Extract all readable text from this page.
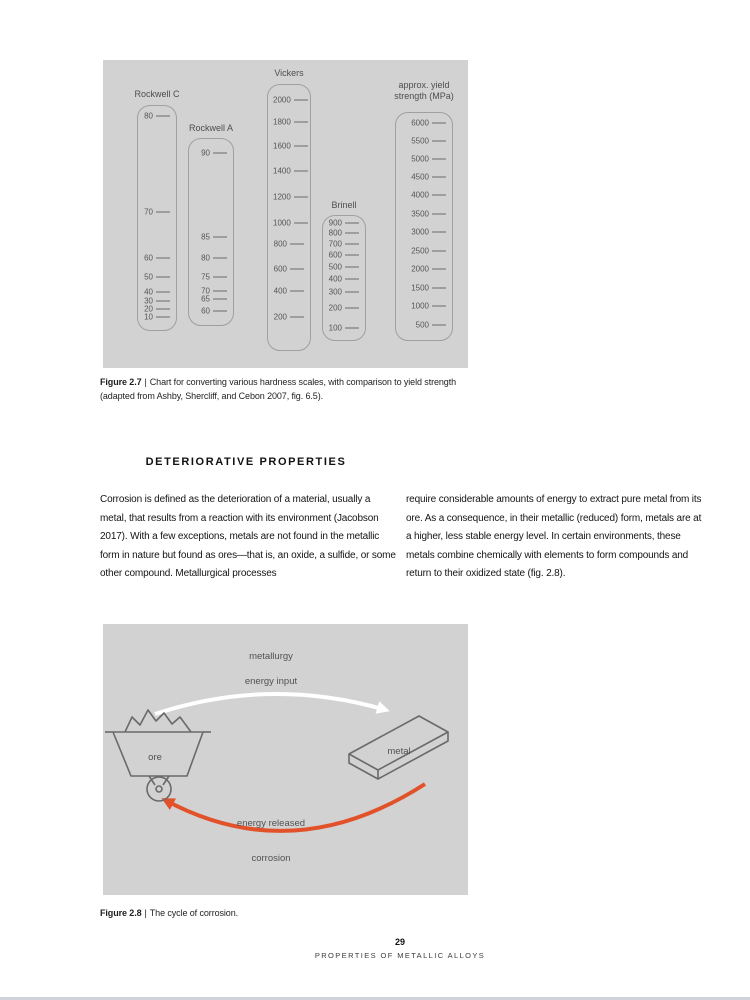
Rockwell C
80
70
60
50
40
30
20
10
Rockwell A
90
85
80
75
70
65
60
Vickers
2000
1800
1600
1400
1200
1000
800
600
400
200
Brinell
900
800
700
600
500
400
300
200
100
approx. yield strength (MPa)
6000
5500
5000
4500
4000
3500
3000
2500
2000
1500
1000
500

Figure 2.7 | Chart for converting various hardness scales, with comparison to yield strength (adapted from Ashby, Shercliff, and Cebon 2007, fig. 6.5).

DETERIORATIVE PROPERTIES
Corrosion is defined as the deterioration of a material, usually a metal, that results from a reaction with its environment (Jacobson 2017). With a few exceptions, metals are not found in the metallic form in nature but found as ores—that is, an oxide, a sulfide, or some other compound. Metallurgical processes
require considerable amounts of energy to extract pure metal from its ore. As a consequence, in their metallic (reduced) form, metals are at a higher, less stable energy level. In certain environments, these metals combine chemically with elements to form compounds and return to their oxidized state (fig. 2.8).
metallurgy
energy input
ore
metal
energy released
corrosion

Figure 2.8 | The cycle of corrosion.

29
PROPERTIES OF METALLIC ALLOYS
